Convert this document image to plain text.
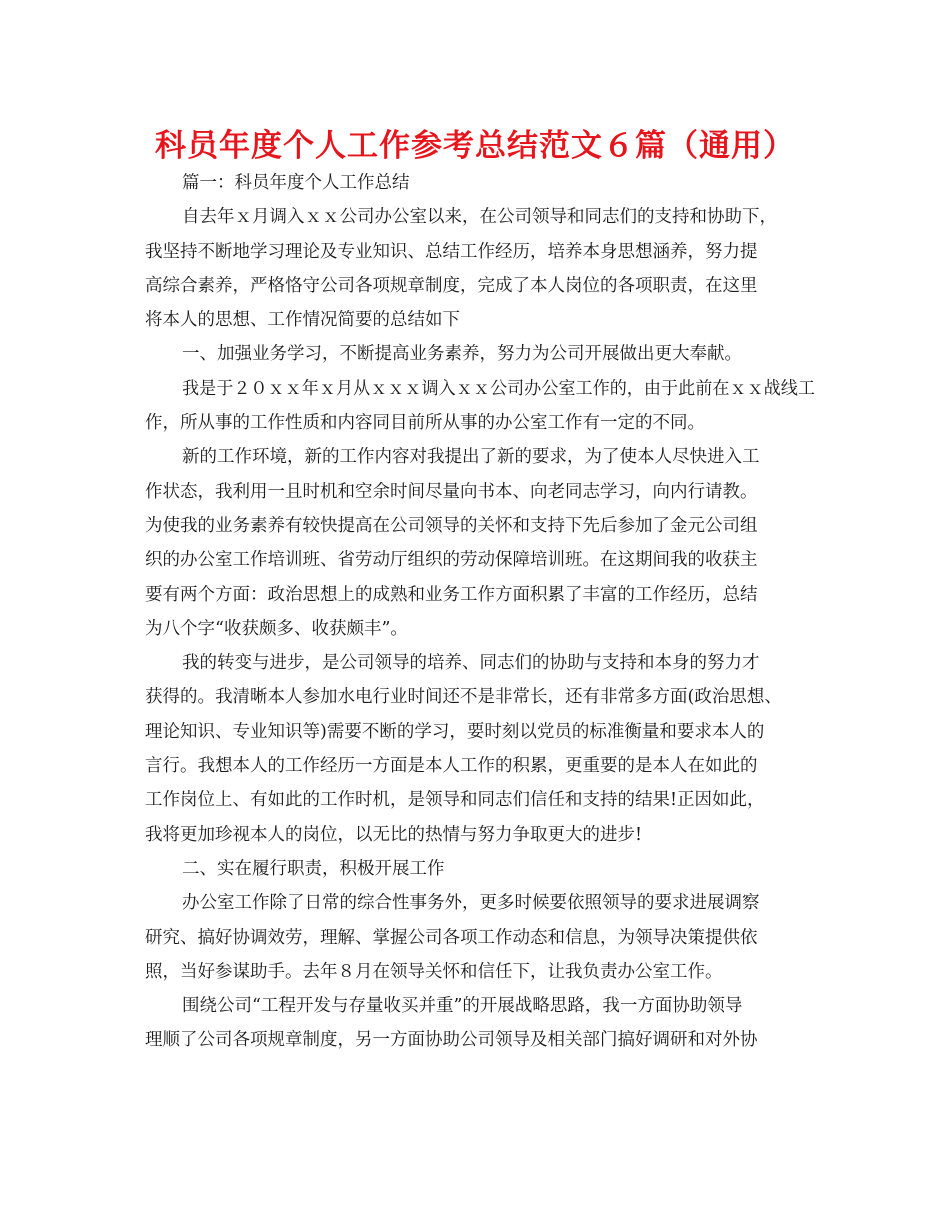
科员年度个人工作参考总结范文６篇（通用）
篇一：科员年度个人工作总结
自去年ｘ月调入ｘｘ公司办公室以来，在公司领导和同志们的支持和协助下，
我坚持不断地学习理论及专业知识、总结工作经历，培养本身思想涵养，努力提
高综合素养，严格恪守公司各项规章制度，完成了本人岗位的各项职责，在这里
将本人的思想、工作情况简要的总结如下
一、加强业务学习，不断提高业务素养，努力为公司开展做出更大奉献。
我是于２０ｘｘ年ｘ月从ｘｘｘ调入ｘｘ公司办公室工作的，由于此前在ｘｘ战线工
作，所从事的工作性质和内容同目前所从事的办公室工作有一定的不同。
新的工作环境，新的工作内容对我提出了新的要求，为了使本人尽快进入工
作状态，我利用一且时机和空余时间尽量向书本、向老同志学习，向内行请教。
为使我的业务素养有较快提高在公司领导的关怀和支持下先后参加了金元公司组
织的办公室工作培训班、省劳动厅组织的劳动保障培训班。在这期间我的收获主
要有两个方面：政治思想上的成熟和业务工作方面积累了丰富的工作经历，总结
为八个字“收获颇多、收获颇丰”。
我的转变与进步，是公司领导的培养、同志们的协助与支持和本身的努力才
获得的。我清晰本人参加水电行业时间还不是非常长，还有非常多方面(政治思想、
理论知识、专业知识等)需要不断的学习，要时刻以党员的标准衡量和要求本人的
言行。我想本人的工作经历一方面是本人工作的积累，更重要的是本人在如此的
工作岗位上、有如此的工作时机，是领导和同志们信任和支持的结果!正因如此，
我将更加珍视本人的岗位，以无比的热情与努力争取更大的进步!
二、实在履行职责，积极开展工作
办公室工作除了日常的综合性事务外，更多时候要依照领导的要求进展调察
研究、搞好协调效劳，理解、掌握公司各项工作动态和信息，为领导决策提供依
照，当好参谋助手。去年８月在领导关怀和信任下，让我负责办公室工作。
围绕公司“工程开发与存量收买并重”的开展战略思路，我一方面协助领导
理顺了公司各项规章制度，另一方面协助公司领导及相关部门搞好调研和对外协
